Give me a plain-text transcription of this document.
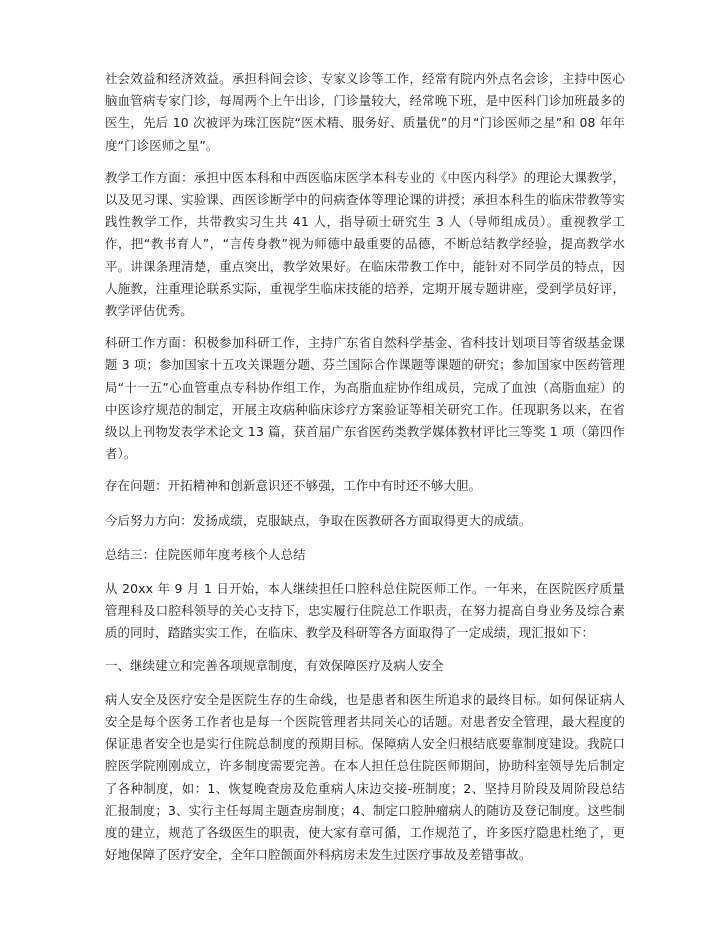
社会效益和经济效益。承担科间会诊、专家义诊等工作，经常有院内外点名会诊，主持中医心脑血管病专家门诊，每周两个上午出诊，门诊量较大，经常晚下班，是中医科门诊加班最多的医生，先后 10 次被评为珠江医院“医术精、服务好、质量优”的月“门诊医师之星”和 08 年年度“门诊医师之星”。

教学工作方面：承担中医本科和中西医临床医学本科专业的《中医内科学》的理论大课教学，以及见习课、实验课、西医诊断学中的问病查体等理论课的讲授；承担本科生的临床带教等实践性教学工作，共带教实习生共 41 人，指导硕士研究生 3 人（导师组成员）。重视教学工作，把“教书育人”，“言传身教”视为师德中最重要的品德，不断总结教学经验，提高教学水平。讲课条理清楚，重点突出，教学效果好。在临床带教工作中，能针对不同学员的特点，因人施教，注重理论联系实际，重视学生临床技能的培养，定期开展专题讲座，受到学员好评，教学评估优秀。

科研工作方面：积极参加科研工作，主持广东省自然科学基金、省科技计划项目等省级基金课题 3 项；参加国家十五攻关课题分题、芬兰国际合作课题等课题的研究；参加国家中医药管理局“十一五”心血管重点专科协作组工作，为高脂血症协作组成员，完成了血浊（高脂血症）的中医诊疗规范的制定，开展主攻病种临床诊疗方案验证等相关研究工作。任现职务以来，在省级以上刊物发表学术论文 13 篇，获首届广东省医药类教学媒体教材评比三等奖 1 项（第四作者）。

存在问题：开拓精神和创新意识还不够强，工作中有时还不够大胆。

今后努力方向：发扬成绩，克服缺点，争取在医教研各方面取得更大的成绩。

总结三：住院医师年度考核个人总结

从 20xx 年 9 月 1 日开始，本人继续担任口腔科总住院医师工作。一年来，在医院医疗质量管理科及口腔科领导的关心支持下，忠实履行住院总工作职责，在努力提高自身业务及综合素质的同时，踏踏实实工作，在临床、教学及科研等各方面取得了一定成绩，现汇报如下：

一、继续建立和完善各项规章制度，有效保障医疗及病人安全

病人安全及医疗安全是医院生存的生命线，也是患者和医生所追求的最终目标。如何保证病人安全是每个医务工作者也是每一个医院管理者共同关心的话题。对患者安全管理，最大程度的保证患者安全也是实行住院总制度的预期目标。保障病人安全归根结底要靠制度建设。我院口腔医学院刚刚成立，许多制度需要完善。在本人担任总住院医师期间，协助科室领导先后制定了各种制度，如：1、恢复晚查房及危重病人床边交接-班制度；2、坚持月阶段及周阶段总结汇报制度；3、实行主任每周主题查房制度；4、制定口腔肿瘤病人的随访及登记制度。这些制度的建立，规范了各级医生的职责，使大家有章可循，工作规范了，许多医疗隐患杜绝了，更好地保障了医疗安全，全年口腔颌面外科病房未发生过医疗事故及差错事故。
